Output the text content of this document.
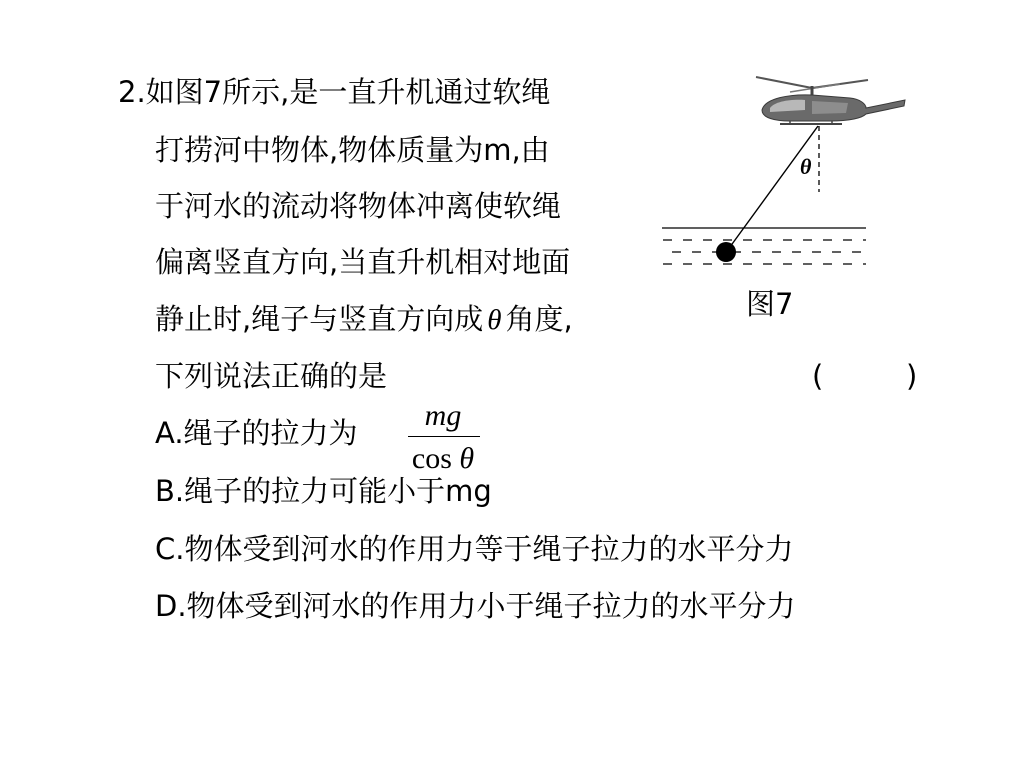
2.如图7所示,是一直升机通过软绳
打捞河中物体,物体质量为m,由
于河水的流动将物体冲离使软绳
偏离竖直方向,当直升机相对地面
静止时,绳子与竖直方向成 θ 角度,
下列说法正确的是	(	)
A.绳子的拉力为
mg
cos θ
B.绳子的拉力可能小于mg
C.物体受到河水的作用力等于绳子拉力的水平分力
D.物体受到河水的作用力小于绳子拉力的水平分力
θ
图7
